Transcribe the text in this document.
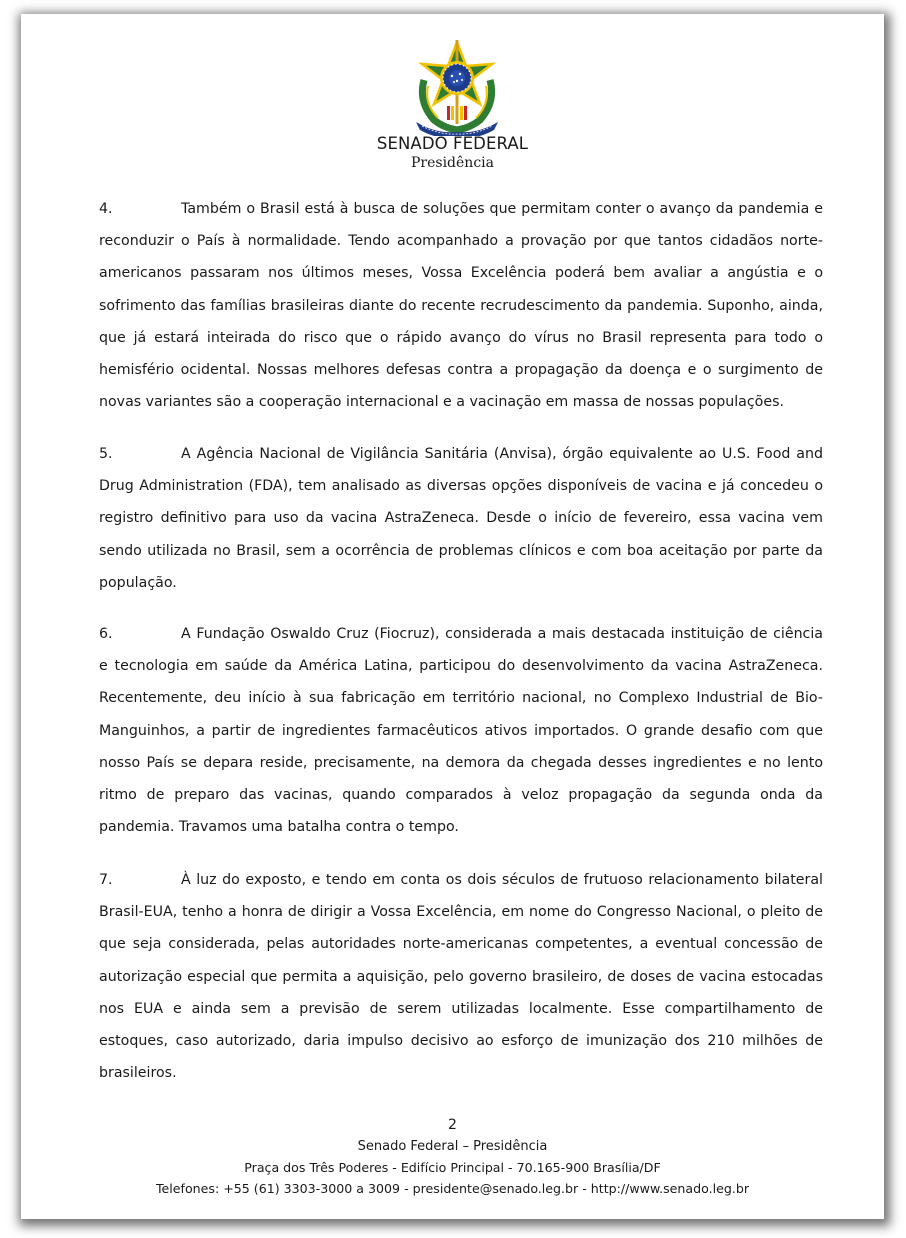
SENADO FEDERAL
Presidência

4.	Também o Brasil está à busca de soluções que permitam conter o avanço da pandemia e reconduzir o País à normalidade. Tendo acompanhado a provação por que tantos cidadãos norte-americanos passaram nos últimos meses, Vossa Excelência poderá bem avaliar a angústia e o sofrimento das famílias brasileiras diante do recente recrudescimento da pandemia. Suponho, ainda, que já estará inteirada do risco que o rápido avanço do vírus no Brasil representa para todo o hemisfério ocidental. Nossas melhores defesas contra a propagação da doença e o surgimento de novas variantes são a cooperação internacional e a vacinação em massa de nossas populações.

5.	A Agência Nacional de Vigilância Sanitária (Anvisa), órgão equivalente ao U.S. Food and Drug Administration (FDA), tem analisado as diversas opções disponíveis de vacina e já concedeu o registro definitivo para uso da vacina AstraZeneca. Desde o início de fevereiro, essa vacina vem sendo utilizada no Brasil, sem a ocorrência de problemas clínicos e com boa aceitação por parte da população.

6.	A Fundação Oswaldo Cruz (Fiocruz), considerada a mais destacada instituição de ciência e tecnologia em saúde da América Latina, participou do desenvolvimento da vacina AstraZeneca. Recentemente, deu início à sua fabricação em território nacional, no Complexo Industrial de Bio-Manguinhos, a partir de ingredientes farmacêuticos ativos importados. O grande desafio com que nosso País se depara reside, precisamente, na demora da chegada desses ingredientes e no lento ritmo de preparo das vacinas, quando comparados à veloz propagação da segunda onda da pandemia. Travamos uma batalha contra o tempo.

7.	À luz do exposto, e tendo em conta os dois séculos de frutuoso relacionamento bilateral Brasil-EUA, tenho a honra de dirigir a Vossa Excelência, em nome do Congresso Nacional, o pleito de que seja considerada, pelas autoridades norte-americanas competentes, a eventual concessão de autorização especial que permita a aquisição, pelo governo brasileiro, de doses de vacina estocadas nos EUA e ainda sem a previsão de serem utilizadas localmente. Esse compartilhamento de estoques, caso autorizado, daria impulso decisivo ao esforço de imunização dos 210 milhões de brasileiros.

2
Senado Federal – Presidência
Praça dos Três Poderes - Edifício Principal - 70.165-900 Brasília/DF
Telefones: +55 (61) 3303-3000 a 3009 - presidente@senado.leg.br - http://www.senado.leg.br
